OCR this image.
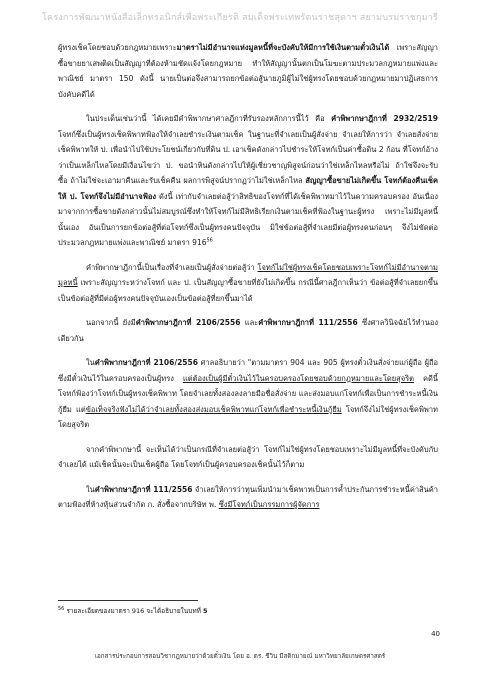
โครงการพัฒนาหนังสือเล็กทรอนิกส์เพื่อพระเกียรติ สมเด็จพระเทพรัตนราชสุดาฯ สยามบรมราชกุมารี

ผู้ทรงเช็คโดยชอบด้วยกฎหมายเพราะมาตราไม่มีอำนาจแห่งมูลหนี้ที่จะบังคับให้มีการใช้เงินตามตั๋วเงินได้ เพราะสัญญาซื้อขายยาเสพติดเป็นสัญญาที่ต้องห้ามชัดแจ้งโดยกฎหมาย ทำให้สัญญานั้นตกเป็นโมฆะตามประมวลกฎหมายแพ่งและพาณิชย์ มาตรา 150 ดังนี้ นายเป็นต่อจึงสามารถยกข้อต่อสู้นายภูมิผู้ไม่ใช่ผู้ทรงโดยชอบด้วยกฎหมายมาปฏิเสธการบังคับคดีได้

ในประเด็นเช่นว่านี้ ได้เคยมีคำพิพากษาศาลฎีกาที่รับรองหลักการนี้ไว้ คือ คำพิพากษาฎีกาที่ 2932/2519 โจทก์ซึ่งเป็นผู้ทรงเช็คพิพาทฟ้องให้จำเลยชำระเงินตามเช็ค ในฐานะที่จำเลยเป็นผู้สั่งจ่าย จำเลยให้การว่า จำเลยสั่งจ่ายเช็คพิพาทให้ ป. เพื่อนำไปใช้ประโยชน์เกี่ยวกับที่ดิน ป. เอาเช็คดังกล่าวไปชำระให้โจทก์เป็นค่าซื้อดิน 2 ก้อน ที่โจทก์อ้างว่าเป็นเหล็กไหลโดยมีเงื่อนไขว่า ป. ขอนำหินดังกล่าวไปให้ผู้เชี่ยวชาญพิสูจน์ก่อนว่าใช่เหล็กไหลหรือไม่ ถ้าใช่จึงจะรับซื้อ ถ้าไม่ใช่จะเอามาคืนและรับเช็คคืน ผลการพิสูจน์ปรากฏว่าไม่ใช่เหล็กไหล สัญญาซื้อขายไม่เกิดขึ้น โจทก์ต้องคืนเช็คให้ ป. โจทก์จึงไม่มีอำนาจฟ้อง ดังนี้ เท่ากับจำเลยต่อสู้ว่าสิทธิของโจทก์ที่ได้เช็คพิพาทมาไว้ในความครอบครอง อันเนื่องมาจากการซื้อขายดังกล่าวนั้นไม่สมบูรณ์ซึ่งทำให้โจทก์ไม่มีสิทธิเรียกเงินตามเช็คที่ฟ้องในฐานะผู้ทรง เพราะไม่มีมูลหนี้นั้นเอง อันเป็นการยกข้อต่อสู้ที่ต่อโจทก์ซึ่งเป็นผู้ทรงคนปัจจุบัน มิใช่ข้อต่อสู้ที่จำเลยมีต่อผู้ทรงคนก่อนๆ จึงไม่ขัดต่อประมวลกฎหมายแพ่งและพาณิชย์ มาตรา $916^{56}$

คำพิพากษาฎีกานี้เป็นเรื่องที่จำเลยเป็นผู้สั่งจ่ายต่อสู้ว่า โจทก์ไม่ใช่ผู้ทรงเช็คโดยชอบเพราะโจทก์ไม่มีอำนาจตามมูลหนี้ เพราะสัญญาระหว่างโจทก์ และ ป. เป็นสัญญาซื้อขายที่ยังไม่เกิดขึ้น กรณีนี้ศาลฎีกาเห็นว่า ข้อต่อสู้ที่จำเลยยกขึ้นเป็นข้อต่อสู้ที่มีต่อผู้ทรงคนปัจจุบันเองเป็นข้อต่อสู้ที่ยกขึ้นมาได้

นอกจากนี้ ยังมีคำพิพากษาฎีกาที่ 2106/2556 และคำพิพากษาฎีกาที่ 111/2556 ซึ่งศาลวินิจฉัยไว้ทำนองเดียวกัน

ในคำพิพากษาฎีกาที่ 2106/2556 ศาลอธิบายว่า "ตามมาตรา 904 และ 905 ผู้ทรงตั๋วเงินสั่งจ่ายแก่ผู้ถือ ผู้ถือซึ่งมีตั๋วเงินไว้ในครอบครองเป็นผู้ทรง แต่ต้องเป็นผู้มีตั๋วเงินไว้ในครอบครองโดยชอบด้วยกฎหมายและโดยสุจริต คดีนี้โจทก์ฟ้องว่าโจทก์เป็นผู้ทรงเช็คพิพาท โดยจำเลยทั้งสองลงลายมือชื่อสั่งจ่าย และส่งมอบแก่โจทก์เพื่อเป็นการชำระหนี้เงินกู้ยืม แต่ข้อเท็จจริงฟังไม่ได้ว่าจำเลยทั้งสองส่งมอบเช็คพิพาทแก่โจทก์เพื่อชำระหนี้เงินกู้ยืม โจทก์จึงไม่ใช่ผู้ทรงเช็คพิพาทโดยสุจริต

จากคำพิพากษานี้ จะเห็นได้ว่าเป็นกรณีที่จำเลยต่อสู้ว่า โจทก์ไม่ใช่ผู้ทรงโดยชอบเพราะไม่มีมูลหนี้ที่จะบังคับกับจำเลยได้ แม้เช็คนั้นจะเป็นเช็คผู้ถือ โดยโจทก์เป็นผู้ครอบครองเช็คนั้นไว้ก็ตาม

ในคำพิพากษาฎีกาที่ 111/2556 จำเลยให้การว่าทุนเพิ่มนำมาเช็คพาทเป็นการค้ำประกันการชำระหนี้ค่าสินค้าตามฟ้องที่ห้างหุ้นส่วนจำกัด ก. สั่งซื้อจากบริษัท พ. ซึ่งมีโจทก์เป็นกรรมการผู้จัดการ

$^{56}$ รายละเอียดของมาตรา 916 จะได้อธิบายในบทที่ 5
40
เอกสารประกอบการสอนวิชากฎหมายว่าด้วยตั๋วเงิน โดย อ. ดร. ชีวิน มีสติกมายณ์ มหาวิทยาลัยเกษตรศาสตร์
